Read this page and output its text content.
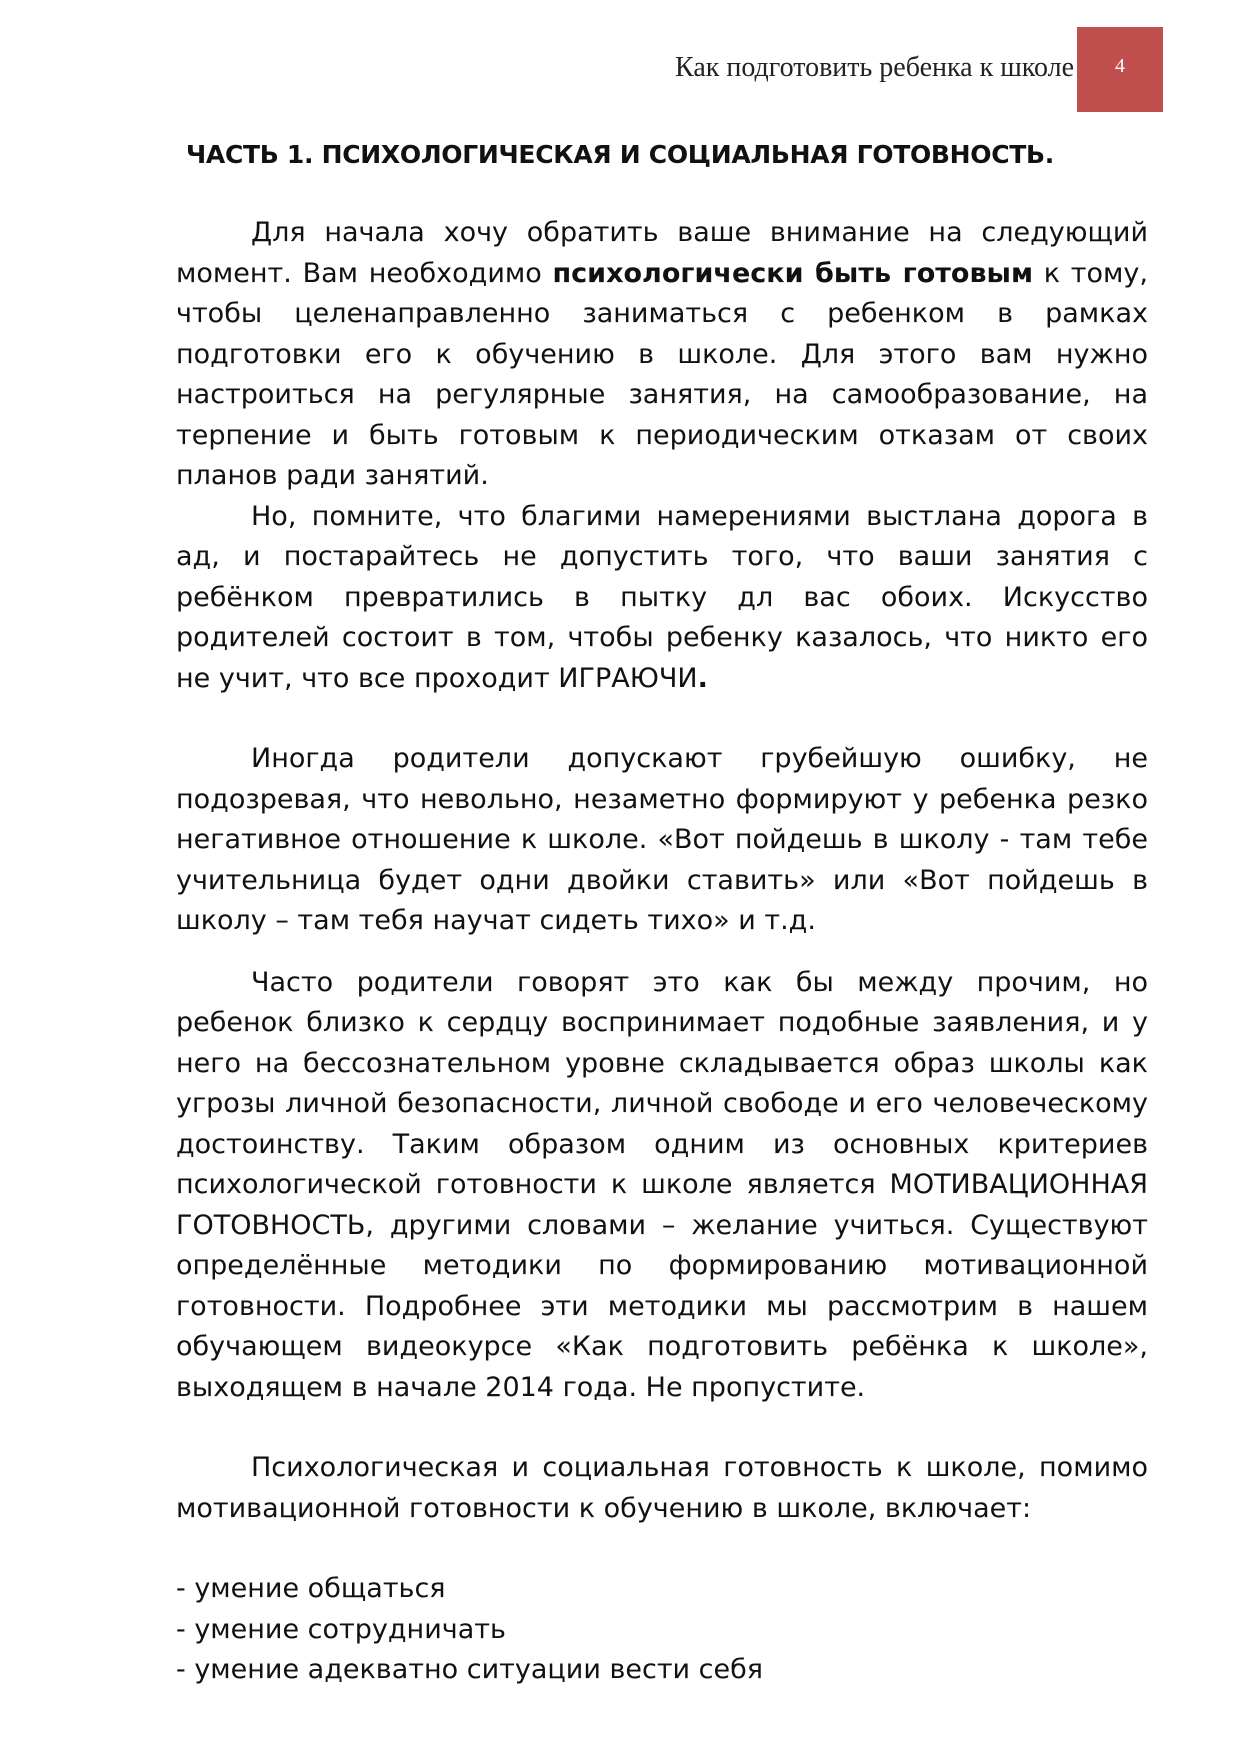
Как подготовить ребенка к школе 4
ЧАСТЬ 1. ПСИХОЛОГИЧЕСКАЯ И СОЦИАЛЬНАЯ ГОТОВНОСТЬ.

Для начала хочу обратить ваше внимание на следующий момент. Вам необходимо психологически быть готовым к тому, чтобы целенаправленно заниматься с ребенком в рамках подготовки его к обучению в школе. Для этого вам нужно настроиться на регулярные занятия, на самообразование, на терпение и быть готовым к периодическим отказам от своих планов ради занятий.

Но, помните, что благими намерениями выстлана дорога в ад, и постарайтесь не допустить того, что ваши занятия с ребёнком превратились в пытку дл вас обоих. Искусство родителей состоит в том, чтобы ребенку казалось, что никто его не учит, что все проходит ИГРАЮЧИ.

Иногда родители допускают грубейшую ошибку, не подозревая, что невольно, незаметно формируют у ребенка резко негативное отношение к школе. «Вот пойдешь в школу - там тебе учительница будет одни двойки ставить» или «Вот пойдешь в школу – там тебя научат сидеть тихо» и т.д.

Часто родители говорят это как бы между прочим, но ребенок близко к сердцу воспринимает подобные заявления, и у него на бессознательном уровне складывается образ школы как угрозы личной безопасности, личной свободе и его человеческому достоинству. Таким образом одним из основных критериев психологической готовности к школе является МОТИВАЦИОННАЯ ГОТОВНОСТЬ, другими словами – желание учиться. Существуют определённые методики по формированию мотивационной готовности. Подробнее эти методики мы рассмотрим в нашем обучающем видеокурсе «Как подготовить ребёнка к школе», выходящем в начале 2014 года. Не пропустите.

Психологическая и социальная готовность к школе, помимо мотивационной готовности к обучению в школе, включает:

- умение общаться
- умение сотрудничать
- умение адекватно ситуации вести себя
